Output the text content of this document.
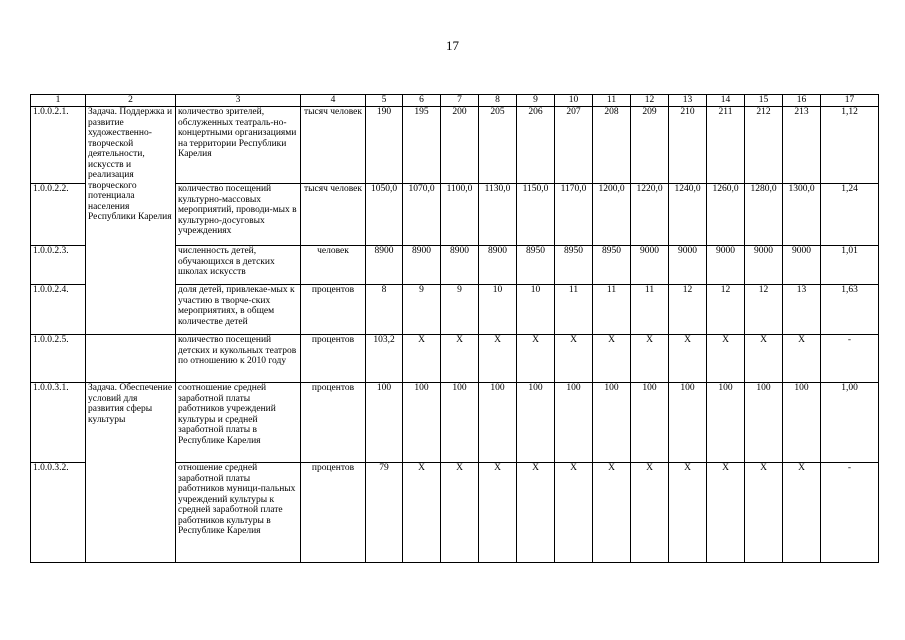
17
1	2	3	4	5	6	7	8	9	10	11	12	13	14	15	16	17
1.0.0.2.1.	Задача. Поддержка и развитие художественно-творческой деятельности, искусств и реализация творческого потенциала населения Республики Карелия	количество зрителей, обслуженных театраль-но-концертными организациями на территории Республики Карелия	тысяч человек	190	195	200	205	206	207	208	209	210	211	212	213	1,12
1.0.0.2.2.		количество посещений культурно-массовых мероприятий, проводи-мых в культурно-досуговых учреждениях	тысяч человек	1050,0	1070,0	1100,0	1130,0	1150,0	1170,0	1200,0	1220,0	1240,0	1260,0	1280,0	1300,0	1,24
1.0.0.2.3.		численность детей, обучающихся в детских школах искусств	человек	8900	8900	8900	8900	8950	8950	8950	9000	9000	9000	9000	9000	1,01
1.0.0.2.4.		доля детей, привлекае-мых к участию в творче-ских мероприятиях, в общем количестве детей	процентов	8	9	9	10	10	11	11	11	12	12	12	13	1,63
1.0.0.2.5.		количество посещений детских и кукольных театров по отношению к 2010 году	процентов	103,2	X	X	X	X	X	X	X	X	X	X	X	-
1.0.0.3.1.	Задача. Обеспечение условий для развития сферы культуры	соотношение средней заработной платы работников учреждений культуры и средней заработной платы в Республике Карелия	процентов	100	100	100	100	100	100	100	100	100	100	100	100	1,00
1.0.0.3.2.		отношение средней заработной платы работников муници-пальных учреждений культуры к средней заработной плате работников культуры в Республике Карелия	процентов	79	X	X	X	X	X	X	X	X	X	X	X	-
